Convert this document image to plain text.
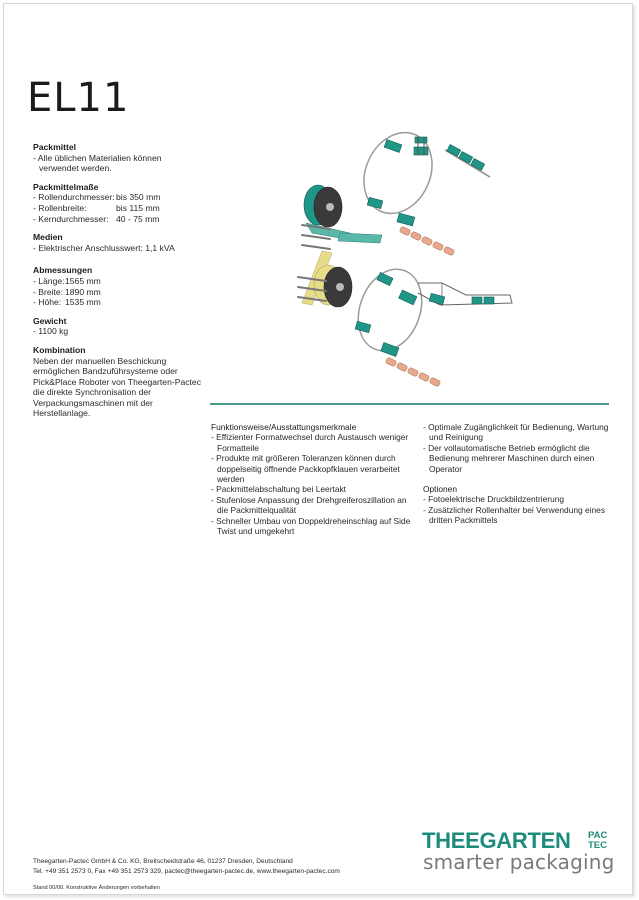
EL11
Packmittel
- Alle üblichen Materialien können verwendet werden.
Packmittelmaße
- Rollendurchmesser: bis 350 mm
- Rollenbreite:	bis 115 mm
- Kerndurchmesser: 40 - 75 mm
Medien
- Elektrischer Anschlusswert: 1,1 kVA
Abmessungen
- Länge: 1565 mm
- Breite: 1890 mm
- Höhe: 1535 mm
Gewicht
- 1100 kg
Kombination
Neben der manuellen Beschickung ermöglichen Bandzuführsysteme oder Pick&Place Roboter von Theegarten-Pactec die direkte Synchronisation der Verpackungsmaschinen mit der Herstellanlage.
Funktionsweise/Ausstattungsmerkmale
- Effizienter Formatwechsel durch Austausch weniger Formatteile
- Produkte mit größeren Toleranzen können durch doppelseitig öffnende Packkopfklauen verarbeitet werden
- Packmittelabschaltung bei Leertakt
- Stufenlose Anpassung der Drehgreiferoszillation an die Packmittelqualität
- Schneller Umbau von Doppeldreheinschlag auf Side Twist und umgekehrt
- Optimale Zugänglichkeit für Bedienung, Wartung und Reinigung
- Der vollautomatische Betrieb ermöglicht die Bedienung mehrerer Maschinen durch einen Operator
Optionen
- Fotoelektrische Druckbildzentrierung
- Zusätzlicher Rollenhalter bei Verwendung eines dritten Packmittels
Theegarten-Pactec GmbH & Co. KG, Breitscheidstraße 46, 01237 Dresden, Deutschland
Tel. +49 351 2573 0, Fax +49 351 2573 329, pactec@theegarten-pactec.de, www.theegarten-pactec.com
Stand 00/00. Konstruktive Änderungen vorbehalten
THEEGARTEN PAC
TEC
smarter packaging
